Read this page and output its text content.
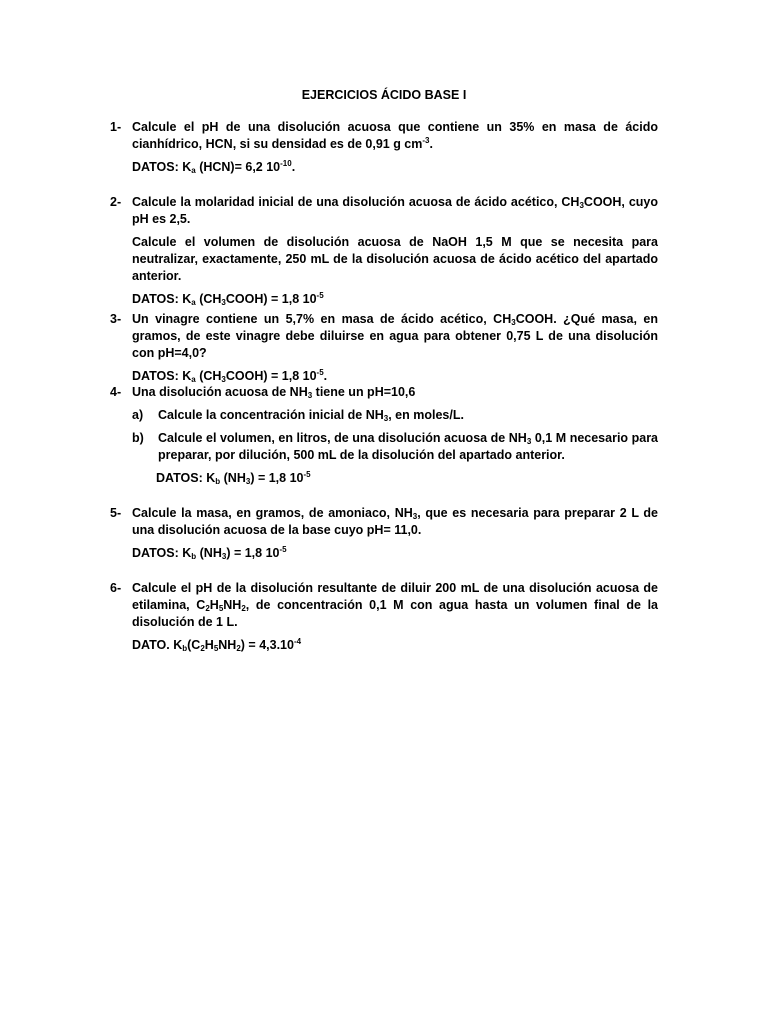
EJERCICIOS ÁCIDO BASE I
1- Calcule el pH de una disolución acuosa que contiene un 35% en masa de ácido cianhídrico, HCN, si su densidad es de 0,91 g $cm^{-3}$.

DATOS: $K_a$ (HCN)= 6,2 $10^{-10}$.

2- Calcule la molaridad inicial de una disolución acuosa de ácido acético, $CH_3COOH$, cuyo pH es 2,5.

Calcule el volumen de disolución acuosa de NaOH 1,5 M que se necesita para neutralizar, exactamente, 250 mL de la disolución acuosa de ácido acético del apartado anterior.

DATOS: $K_a$ $(CH_3COOH) = 1,8$ $10^{-5}$

3- Un vinagre contiene un 5,7% en masa de ácido acético, $CH_3COOH$. ¿Qué masa, en gramos, de este vinagre debe diluirse en agua para obtener 0,75 L de una disolución con pH=4,0?

DATOS: $K_a$ $(CH_3COOH) = 1,8$ $10^{-5}$.

4- Una disolución acuosa de $NH_3$ tiene un pH=10,6

a) Calcule la concentración inicial de $NH_3$, en moles/L.

b) Calcule el volumen, en litros, de una disolución acuosa de $NH_3$ 0,1 M necesario para preparar, por dilución, 500 mL de la disolución del apartado anterior.

DATOS: $K_b$ $(NH_3) = 1,8$ $10^{-5}$

5- Calcule la masa, en gramos, de amoniaco, $NH_3$, que es necesaria para preparar 2 L de una disolución acuosa de la base cuyo pH= 11,0.

DATOS: $K_b$ $(NH_3) = 1,8$ $10^{-5}$

6- Calcule el pH de la disolución resultante de diluir 200 mL de una disolución acuosa de etilamina, $C_2H_5NH_2$, de concentración 0,1 M con agua hasta un volumen final de la disolución de 1 L.

DATO. $K_b(C_2H_5NH_2) = 4,3.10^{-4}$
